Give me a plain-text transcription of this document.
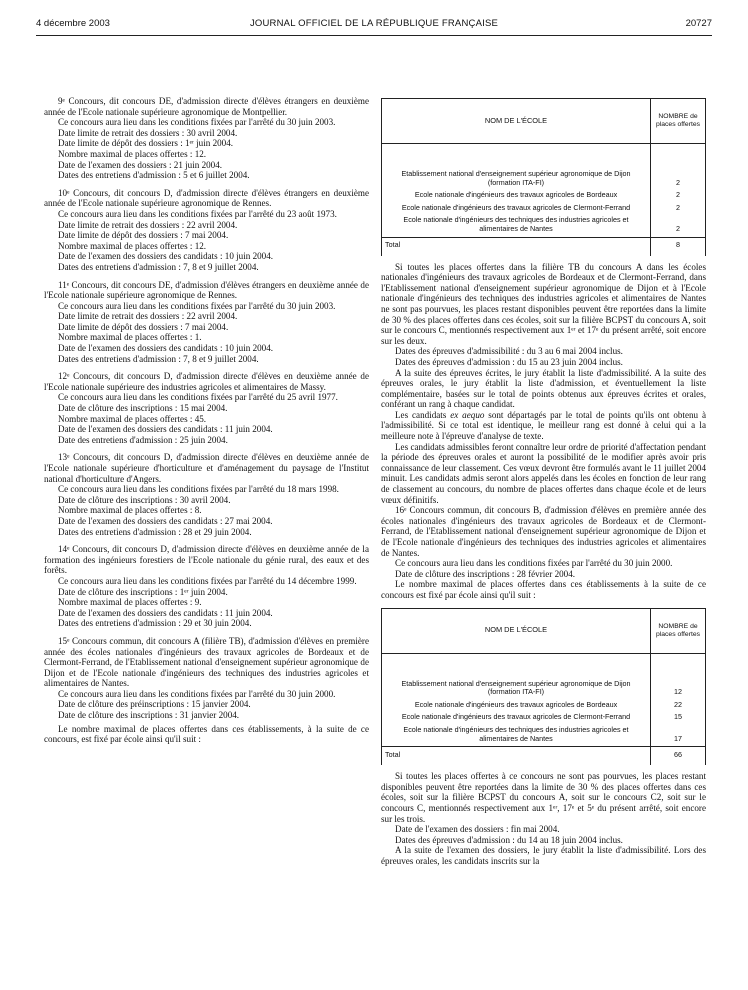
4 décembre 2003	JOURNAL OFFICIEL DE LA RÉPUBLIQUE FRANÇAISE	20727

9ᵉ Concours, dit concours DE, d'admission directe d'élèves étrangers en deuxième année de l'Ecole nationale supérieure agronomique de Montpellier.

Ce concours aura lieu dans les conditions fixées par l'arrêté du 30 juin 2003.

Date limite de retrait des dossiers : 30 avril 2004.

Date limite de dépôt des dossiers : 1ᵉʳ juin 2004.

Nombre maximal de places offertes : 12.

Date de l'examen des dossiers : 21 juin 2004.

Dates des entretiens d'admission : 5 et 6 juillet 2004.

10ᵉ Concours, dit concours D, d'admission directe d'élèves étrangers en deuxième année de l'Ecole nationale supérieure agronomique de Rennes.

Ce concours aura lieu dans les conditions fixées par l'arrêté du 23 août 1973.

Date limite de retrait des dossiers : 22 avril 2004.

Date limite de dépôt des dossiers : 7 mai 2004.

Nombre maximal de places offertes : 12.

Date de l'examen des dossiers des candidats : 10 juin 2004.

Dates des entretiens d'admission : 7, 8 et 9 juillet 2004.

11ᵉ Concours, dit concours DE, d'admission d'élèves étrangers en deuxième année de l'Ecole nationale supérieure agronomique de Rennes.

Ce concours aura lieu dans les conditions fixées par l'arrêté du 30 juin 2003.

Date limite de retrait des dossiers : 22 avril 2004.

Date limite de dépôt des dossiers : 7 mai 2004.

Nombre maximal de places offertes : 1.

Date de l'examen des dossiers des candidats : 10 juin 2004.

Dates des entretiens d'admission : 7, 8 et 9 juillet 2004.

12ᵉ Concours, dit concours D, d'admission directe d'élèves en deuxième année de l'Ecole nationale supérieure des industries agricoles et alimentaires de Massy.

Ce concours aura lieu dans les conditions fixées par l'arrêté du 25 avril 1977.

Date de clôture des inscriptions : 15 mai 2004.

Nombre maximal de places offertes : 45.

Date de l'examen des dossiers des candidats : 11 juin 2004.

Date des entretiens d'admission : 25 juin 2004.

13ᵉ Concours, dit concours D, d'admission directe d'élèves en deuxième année de l'Ecole nationale supérieure d'horticulture et d'aménagement du paysage de l'Institut national d'horticulture d'Angers.

Ce concours aura lieu dans les conditions fixées par l'arrêté du 18 mars 1998.

Date de clôture des inscriptions : 30 avril 2004.

Nombre maximal de places offertes : 8.

Date de l'examen des dossiers des candidats : 27 mai 2004.

Dates des entretiens d'admission : 28 et 29 juin 2004.

14ᵉ Concours, dit concours D, d'admission directe d'élèves en deuxième année de la formation des ingénieurs forestiers de l'Ecole nationale du génie rural, des eaux et des forêts.

Ce concours aura lieu dans les conditions fixées par l'arrêté du 14 décembre 1999.

Date de clôture des inscriptions : 1ᵉʳ juin 2004.

Nombre maximal de places offertes : 9.

Date de l'examen des dossiers des candidats : 11 juin 2004.

Dates des entretiens d'admission : 29 et 30 juin 2004.

15ᵉ Concours commun, dit concours A (filière TB), d'admission d'élèves en première année des écoles nationales d'ingénieurs des travaux agricoles de Bordeaux et de Clermont-Ferrand, de l'Etablissement national d'enseignement supérieur agronomique de Dijon et de l'Ecole nationale d'ingénieurs des techniques des industries agricoles et alimentaires de Nantes.

Ce concours aura lieu dans les conditions fixées par l'arrêté du 30 juin 2000.

Date de clôture des préinscriptions : 15 janvier 2004.

Date de clôture des inscriptions : 31 janvier 2004.

Le nombre maximal de places offertes dans ces établissements, à la suite de ce concours, est fixé par école ainsi qu'il suit :

NOM DE L'ÉCOLE	NOMBRE de places offertes
Etablissement national d'enseignement supérieur agronomique de Dijon (formation ITA-FI)	2
Ecole nationale d'ingénieurs des travaux agricoles de Bordeaux	2
Ecole nationale d'ingénieurs des travaux agricoles de Clermont-Ferrand	2
Ecole nationale d'ingénieurs des techniques des industries agricoles et alimentaires de Nantes	2
Total	8

Si toutes les places offertes dans la filière TB du concours A dans les écoles nationales d'ingénieurs des travaux agricoles de Bordeaux et de Clermont-Ferrand, dans l'Etablissement national d'enseignement supérieur agronomique de Dijon et à l'Ecole nationale d'ingénieurs des techniques des industries agricoles et alimentaires de Nantes ne sont pas pourvues, les places restant disponibles peuvent être reportées dans la limite de 30 % des places offertes dans ces écoles, soit sur la filière BCPST du concours A, soit sur le concours C, mentionnés respectivement aux 1ᵉʳ et 17ᵉ du présent arrêté, soit encore sur les deux.

Dates des épreuves d'admissibilité : du 3 au 6 mai 2004 inclus.

Dates des épreuves d'admission : du 15 au 23 juin 2004 inclus.

A la suite des épreuves écrites, le jury établit la liste d'admissibilité. A la suite des épreuves orales, le jury établit la liste d'admission, et éventuellement la liste complémentaire, basées sur le total de points obtenus aux épreuves écrites et orales, conférant un rang à chaque candidat.

Les candidats ex aequo sont départagés par le total de points qu'ils ont obtenu à l'admissibilité. Si ce total est identique, le meilleur rang est donné à celui qui a la meilleure note à l'épreuve d'analyse de texte.

Les candidats admissibles feront connaître leur ordre de priorité d'affectation pendant la période des épreuves orales et auront la possibilité de le modifier après avoir pris connaissance de leur classement. Ces vœux devront être formulés avant le 11 juillet 2004 minuit. Les candidats admis seront alors appelés dans les écoles en fonction de leur rang de classement au concours, du nombre de places offertes dans chaque école et de leurs vœux définitifs.

16ᵉ Concours commun, dit concours B, d'admission d'élèves en première année des écoles nationales d'ingénieurs des travaux agricoles de Bordeaux et de Clermont-Ferrand, de l'Etablissement national d'enseignement supérieur agronomique de Dijon et de l'Ecole nationale d'ingénieurs des techniques des industries agricoles et alimentaires de Nantes.

Ce concours aura lieu dans les conditions fixées par l'arrêté du 30 juin 2000.

Date de clôture des inscriptions : 28 février 2004.

Le nombre maximal de places offertes dans ces établissements à la suite de ce concours est fixé par école ainsi qu'il suit :

NOM DE L'ÉCOLE	NOMBRE de places offertes
Etablissement national d'enseignement supérieur agronomique de Dijon (formation ITA-FI)	12
Ecole nationale d'ingénieurs des travaux agricoles de Bordeaux	22
Ecole nationale d'ingénieurs des travaux agricoles de Clermont-Ferrand	15
Ecole nationale d'ingénieurs des techniques des industries agricoles et alimentaires de Nantes	17
Total	66

Si toutes les places offertes à ce concours ne sont pas pourvues, les places restant disponibles peuvent être reportées dans la limite de 30 % des places offertes dans ces écoles, soit sur la filière BCPST du concours A, soit sur le concours C2, soit sur le concours C, mentionnés respectivement aux 1ᵉʳ, 17ᵉ et 5ᵉ du présent arrêté, soit encore sur les trois.

Date de l'examen des dossiers : fin mai 2004.

Dates des épreuves d'admission : du 14 au 18 juin 2004 inclus.

A la suite de l'examen des dossiers, le jury établit la liste d'admissibilité. Lors des épreuves orales, les candidats inscrits sur la
